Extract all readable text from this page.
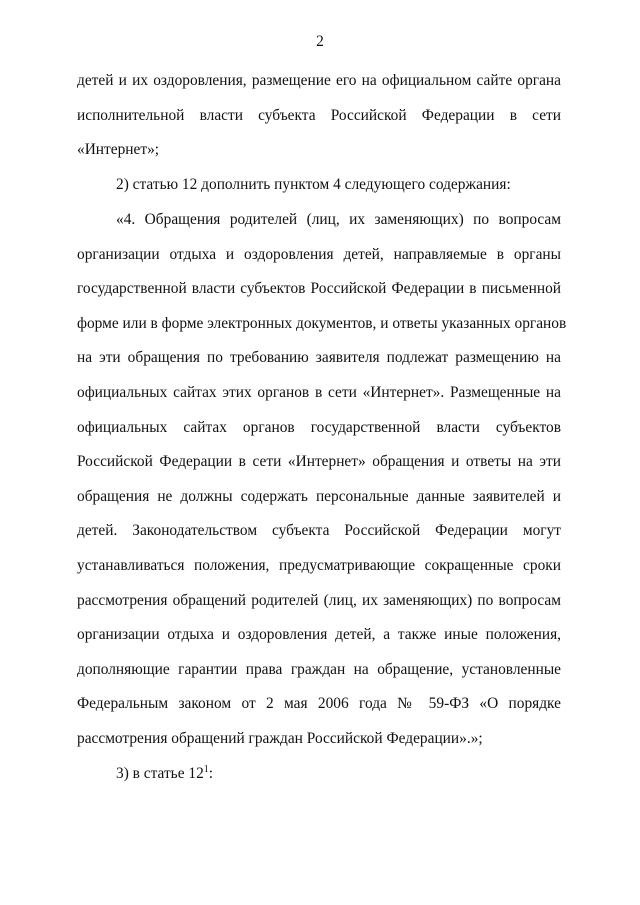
2
детей и их оздоровления, размещение его на официальном сайте органа
исполнительной власти субъекта Российской Федерации в сети
«Интернет»;
2) статью 12 дополнить пунктом 4 следующего содержания:
«4. Обращения родителей (лиц, их заменяющих) по вопросам
организации отдыха и оздоровления детей, направляемые в органы
государственной власти субъектов Российской Федерации в письменной
форме или в форме электронных документов, и ответы указанных органов
на эти обращения по требованию заявителя подлежат размещению на
официальных сайтах этих органов в сети «Интернет». Размещенные на
официальных сайтах органов государственной власти субъектов
Российской Федерации в сети «Интернет» обращения и ответы на эти
обращения не должны содержать персональные данные заявителей и
детей. Законодательством субъекта Российской Федерации могут
устанавливаться положения, предусматривающие сокращенные сроки
рассмотрения обращений родителей (лиц, их заменяющих) по вопросам
организации отдыха и оздоровления детей, а также иные положения,
дополняющие гарантии права граждан на обращение, установленные
Федеральным законом от 2 мая 2006 года № 59-ФЗ «О порядке
рассмотрения обращений граждан Российской Федерации».»;
3) в статье $12^1$:
